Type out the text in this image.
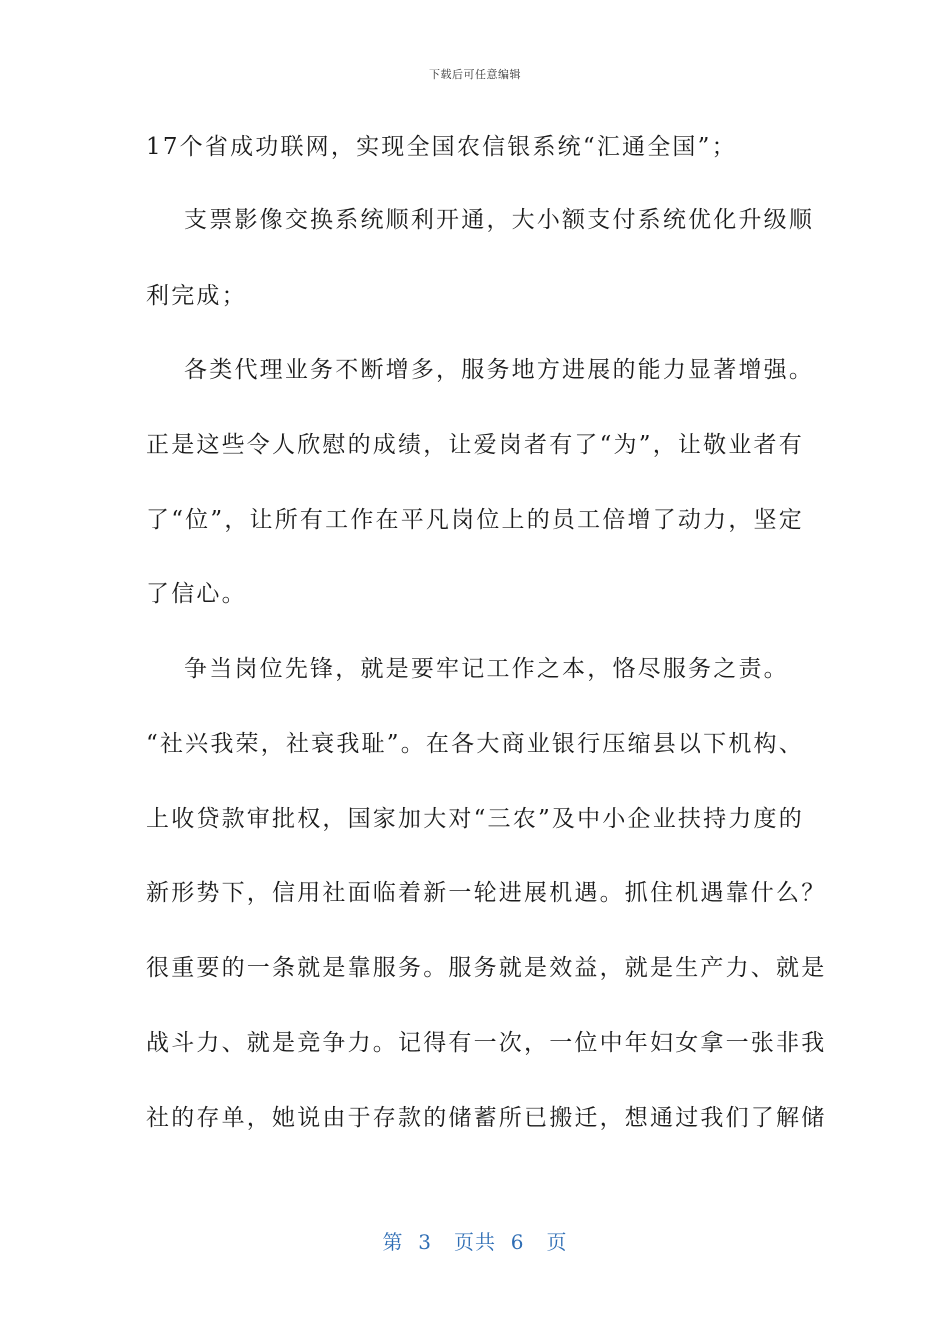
下载后可任意编辑
17个省成功联网，实现全国农信银系统“汇通全国”；
支票影像交换系统顺利开通，大小额支付系统优化升级顺
利完成；
各类代理业务不断增多，服务地方进展的能力显著增强。
正是这些令人欣慰的成绩，让爱岗者有了“为”，让敬业者有
了“位”，让所有工作在平凡岗位上的员工倍增了动力，坚定
了信心。
争当岗位先锋，就是要牢记工作之本，恪尽服务之责。
“社兴我荣，社衰我耻”。在各大商业银行压缩县以下机构、
上收贷款审批权，国家加大对“三农”及中小企业扶持力度的
新形势下，信用社面临着新一轮进展机遇。抓住机遇靠什么？
很重要的一条就是靠服务。服务就是效益，就是生产力、就是
战斗力、就是竞争力。记得有一次，一位中年妇女拿一张非我
社的存单，她说由于存款的储蓄所已搬迁，想通过我们了解储
第  3   页共  6   页
